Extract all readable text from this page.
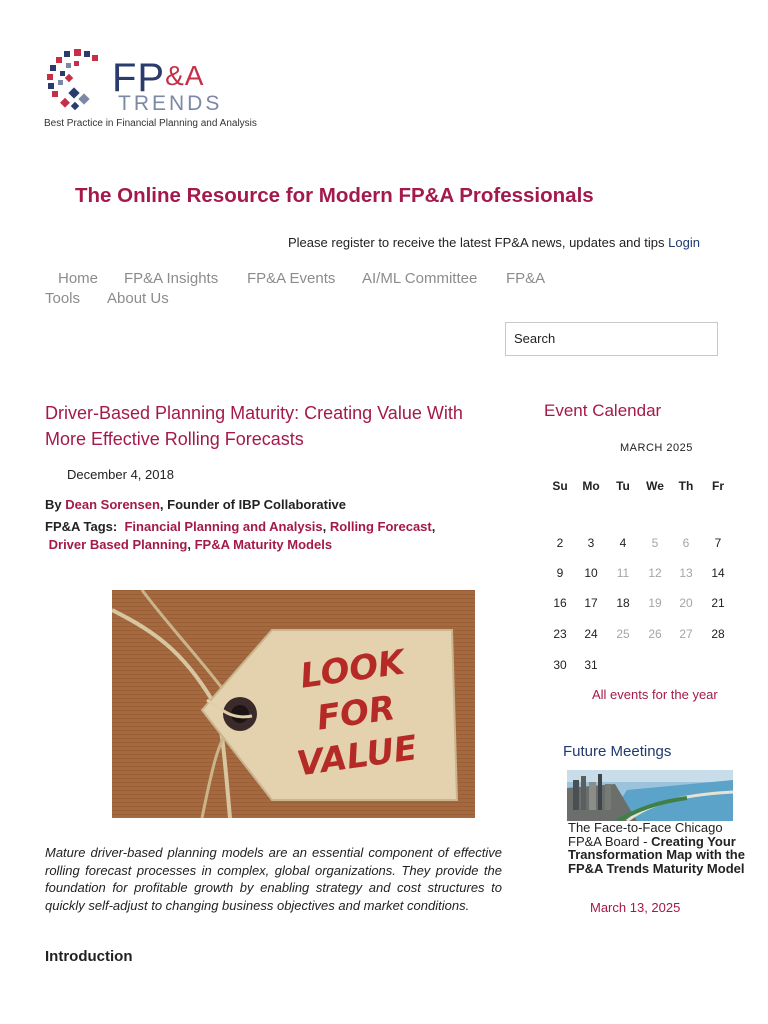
FP&A
TRENDS
Best Practice in Financial Planning and Analysis
The Online Resource for Modern FP&A Professionals
Please register to receive the latest FP&A news, updates and tips Login
Home FP&A Insights FP&A Events AI/ML Committee FP&A
Tools About Us
Search
Driver-Based Planning Maturity: Creating Value With More Effective Rolling Forecasts
December 4, 2018
By Dean Sorensen, Founder of IBP Collaborative
FP&A Tags: Financial Planning and Analysis, Rolling Forecast,
Driver Based Planning, FP&A Maturity Models
LOOK
FOR
VALUE
Mature driver-based planning models are an essential component of effective rolling forecast processes in complex, global organizations. They provide the foundation for profitable growth by enabling strategy and cost structures to quickly self-adjust to changing business objectives and market conditions.
Introduction
Event Calendar
MARCH 2025
Su	Mo	Tu	We	Th	Fr
2	3	4	5	6	7
9	10	11	12	13	14
16	17	18	19	20	21
23	24	25	26	27	28
30	31
All events for the year
Future Meetings
The Face-to-Face Chicago FP&A Board - Creating Your Transformation Map with the FP&A Trends Maturity Model
March 13, 2025
